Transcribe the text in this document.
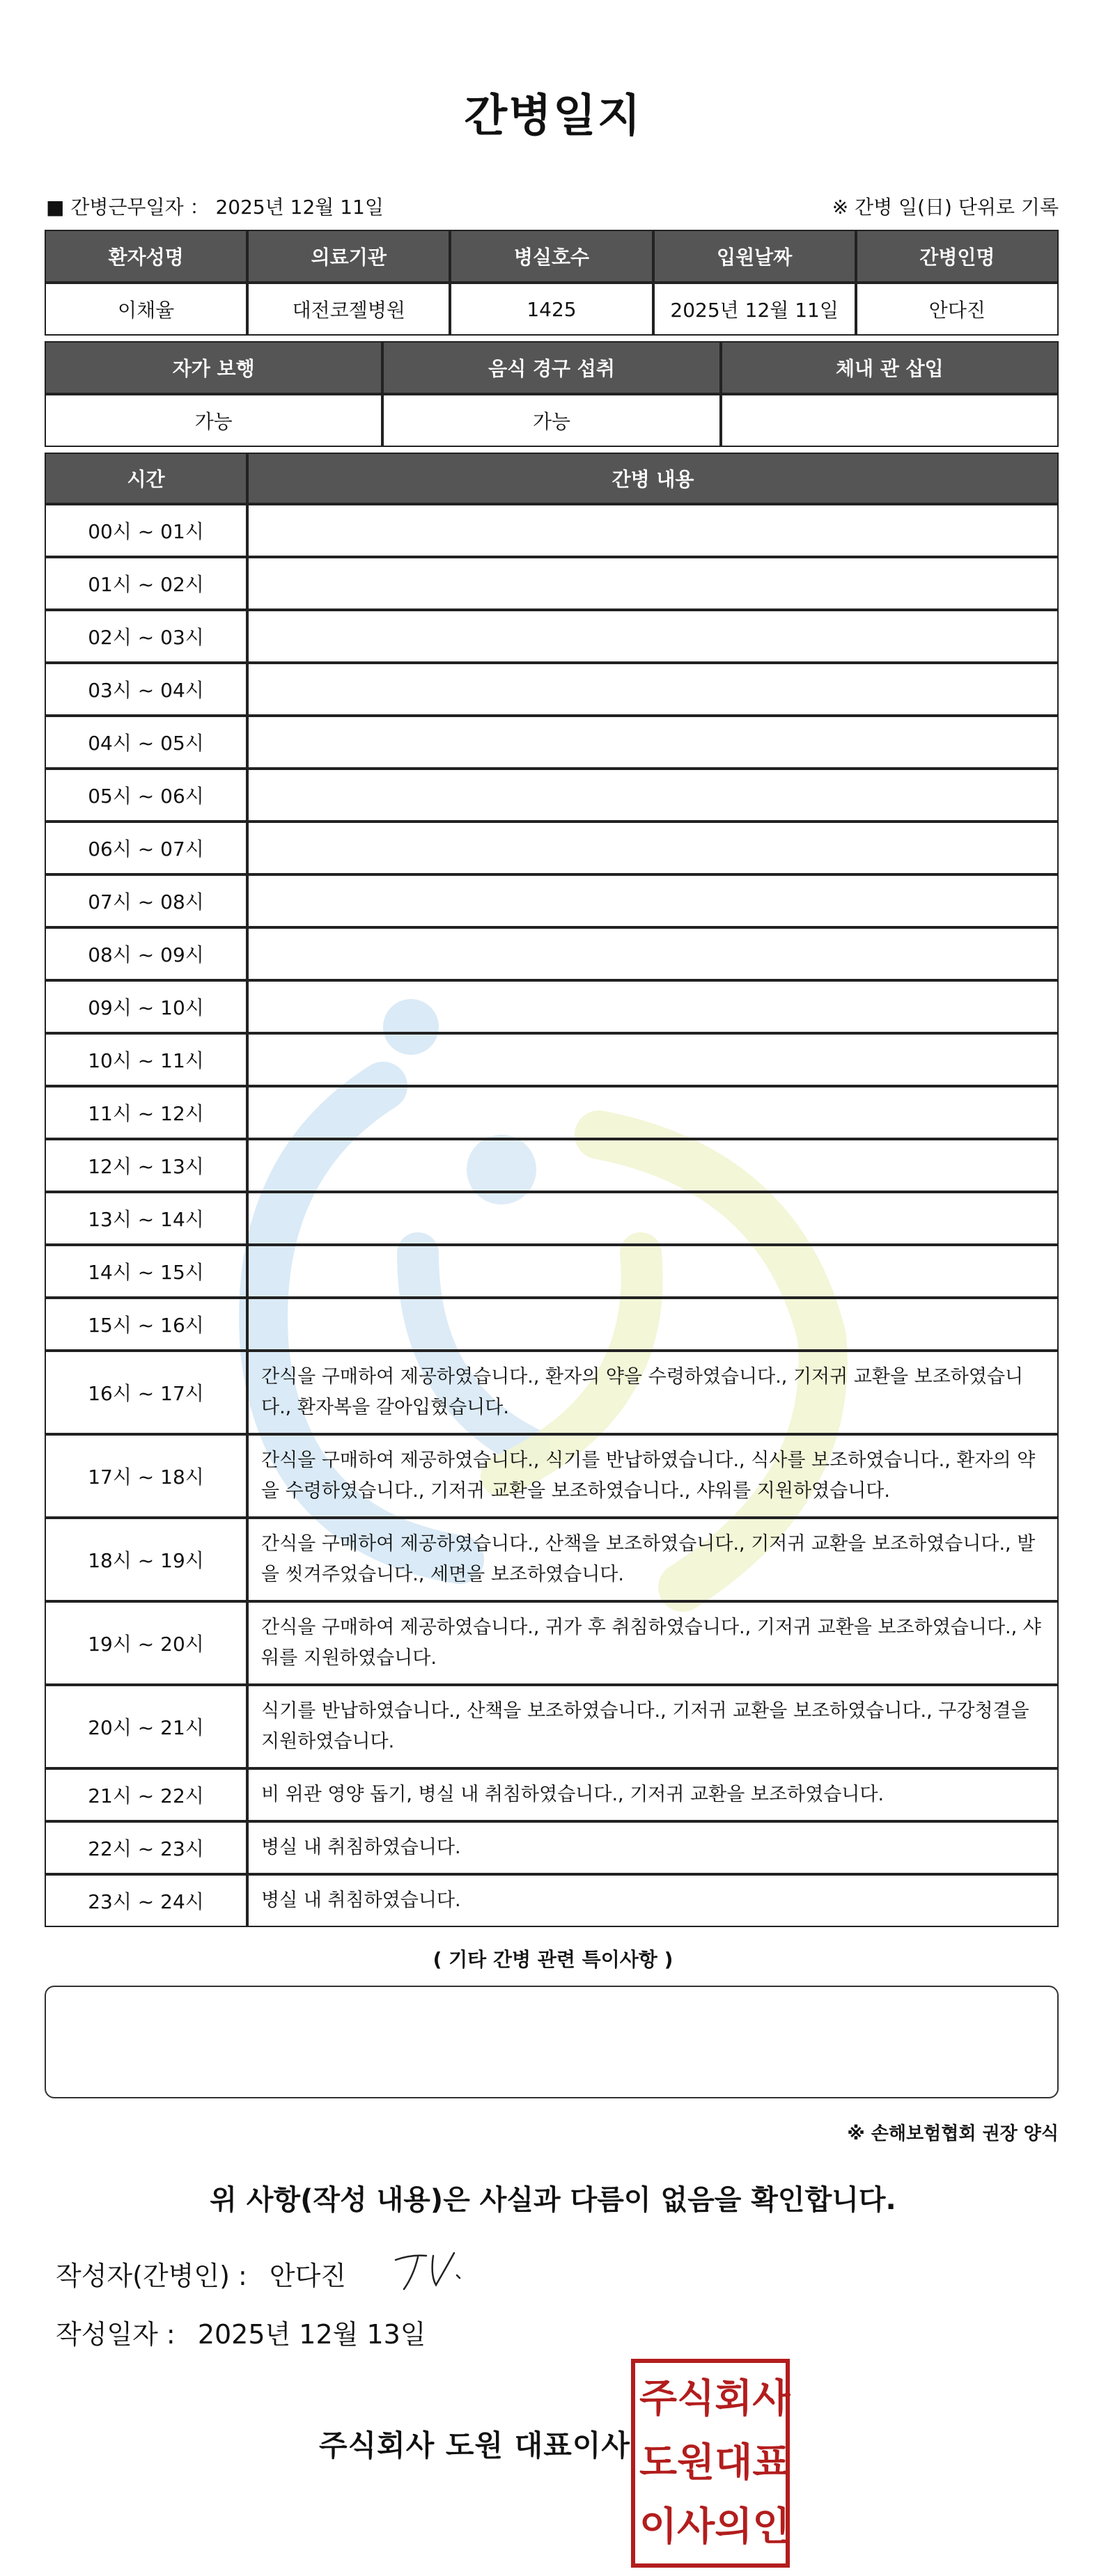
간병일지
■ 간병근무일자 ： 2025년 12월 11일	※ 간병 일(日) 단위로 기록
환자성명	의료기관	병실호수	입원날짜	간병인명
이채율	대전코젤병원	1425	2025년 12월 11일	안다진
자가 보행	음식 경구 섭취	체내 관 삽입
가능	가능	
시간	간병 내용
00시 ~ 01시	
01시 ~ 02시	
02시 ~ 03시	
03시 ~ 04시	
04시 ~ 05시	
05시 ~ 06시	
06시 ~ 07시	
07시 ~ 08시	
08시 ~ 09시	
09시 ~ 10시	
10시 ~ 11시	
11시 ~ 12시	
12시 ~ 13시	
13시 ~ 14시	
14시 ~ 15시	
15시 ~ 16시	
16시 ~ 17시	간식을 구매하여 제공하였습니다., 환자의 약을 수령하였습니다., 기저귀 교환을 보조하였습니다., 환자복을 갈아입혔습니다.
17시 ~ 18시	간식을 구매하여 제공하였습니다., 식기를 반납하였습니다., 식사를 보조하였습니다., 환자의 약을 수령하였습니다., 기저귀 교환을 보조하였습니다., 샤워를 지원하였습니다.
18시 ~ 19시	간식을 구매하여 제공하였습니다., 산책을 보조하였습니다., 기저귀 교환을 보조하였습니다., 발을 씻겨주었습니다., 세면을 보조하였습니다.
19시 ~ 20시	간식을 구매하여 제공하였습니다., 귀가 후 취침하였습니다., 기저귀 교환을 보조하였습니다., 샤워를 지원하였습니다.
20시 ~ 21시	식기를 반납하였습니다., 산책을 보조하였습니다., 기저귀 교환을 보조하였습니다., 구강청결을 지원하였습니다.
21시 ~ 22시	비 위관 영양 돕기, 병실 내 취침하였습니다., 기저귀 교환을 보조하였습니다.
22시 ~ 23시	병실 내 취침하였습니다.
23시 ~ 24시	병실 내 취침하였습니다.
( 기타 간병 관련 특이사항 )
※ 손해보험협회 권장 양식
위 사항(작성 내용)은 사실과 다름이 없음을 확인합니다.
작성자(간병인) : 안다진
작성일자 : 2025년 12월 13일
주식회사 도원 대표이사
주 식 회 사
도 원 대 표
이 사 의 인
